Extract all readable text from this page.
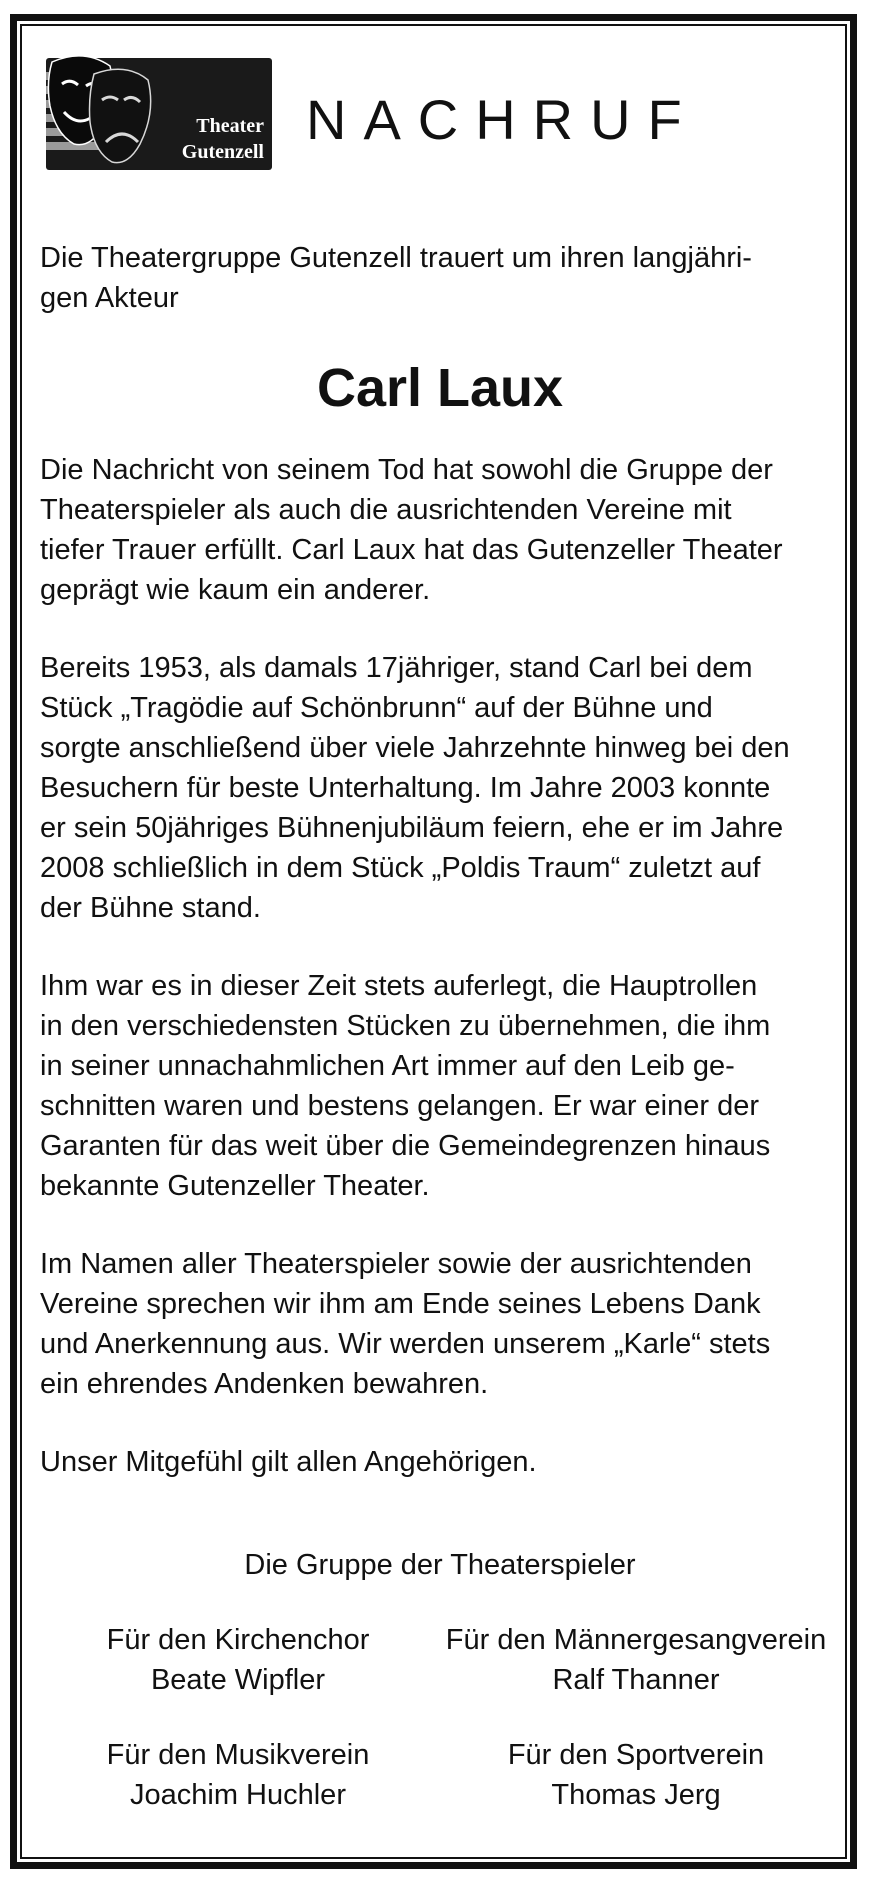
Theater
Gutenzell
NACHRUF

Die Theatergruppe Gutenzell trauert um ihren langjähri-
gen Akteur

Carl Laux

Die Nachricht von seinem Tod hat sowohl die Gruppe der
Theaterspieler als auch die ausrichtenden Vereine mit
tiefer Trauer erfüllt. Carl Laux hat das Gutenzeller Theater
geprägt wie kaum ein anderer.

Bereits 1953, als damals 17jähriger, stand Carl bei dem
Stück „Tragödie auf Schönbrunn“ auf der Bühne und
sorgte anschließend über viele Jahrzehnte hinweg bei den
Besuchern für beste Unterhaltung. Im Jahre 2003 konnte
er sein 50jähriges Bühnenjubiläum feiern, ehe er im Jahre
2008 schließlich in dem Stück „Poldis Traum“ zuletzt auf
der Bühne stand.

Ihm war es in dieser Zeit stets auferlegt, die Hauptrollen
in den verschiedensten Stücken zu übernehmen, die ihm
in seiner unnachahmlichen Art immer auf den Leib ge-
schnitten waren und bestens gelangen. Er war einer der
Garanten für das weit über die Gemeindegrenzen hinaus
bekannte Gutenzeller Theater.

Im Namen aller Theaterspieler sowie der ausrichtenden
Vereine sprechen wir ihm am Ende seines Lebens Dank
und Anerkennung aus. Wir werden unserem „Karle“ stets
ein ehrendes Andenken bewahren.

Unser Mitgefühl gilt allen Angehörigen.

Die Gruppe der Theaterspieler
Für den Kirchenchor
Beate Wipfler
Für den Männergesangverein
Ralf Thanner
Für den Musikverein
Joachim Huchler
Für den Sportverein
Thomas Jerg
